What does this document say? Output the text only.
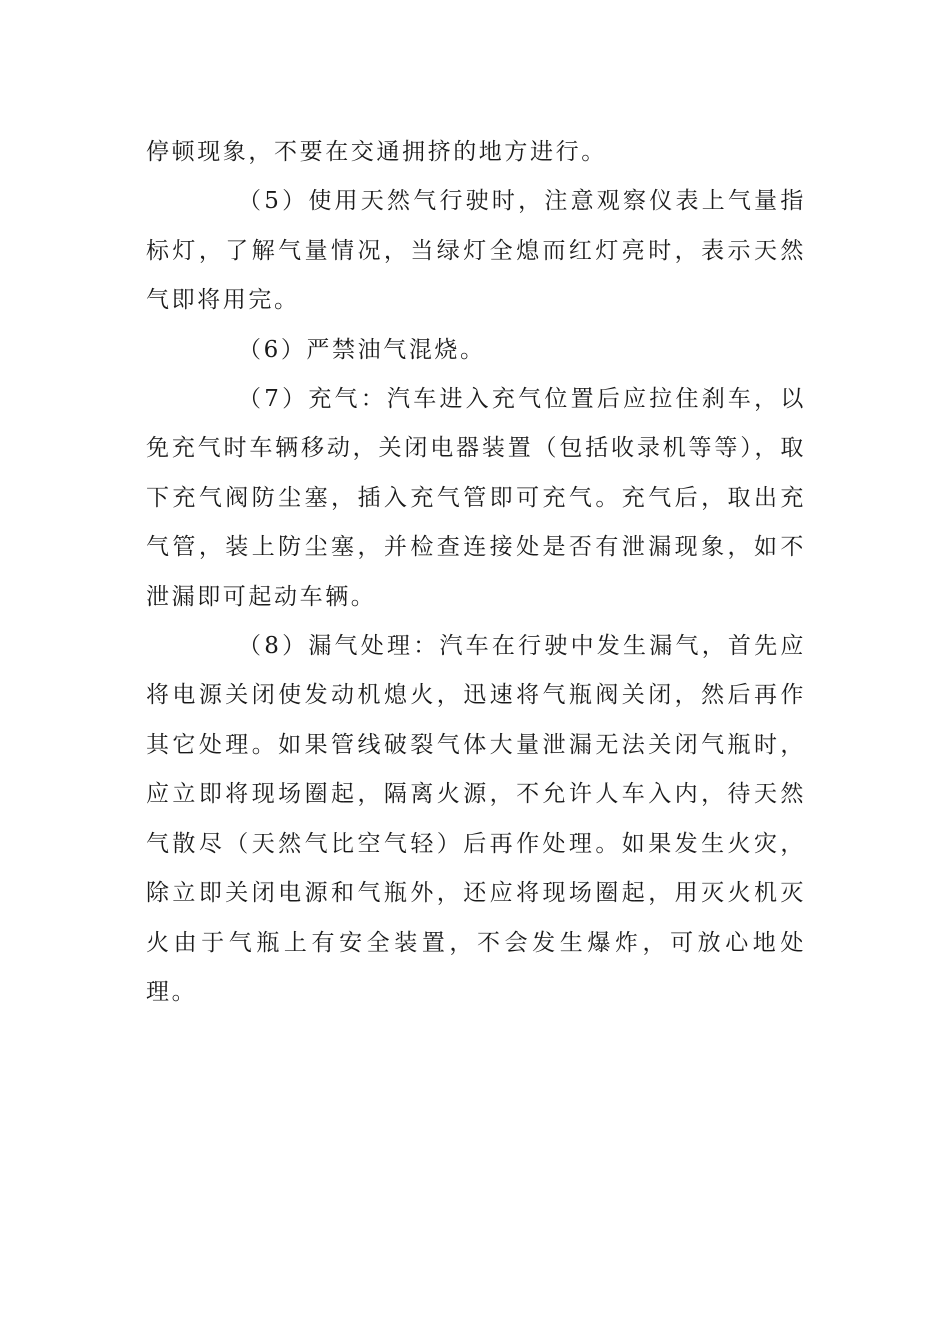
停顿现象，不要在交通拥挤的地方进行。

（5）使用天然气行驶时，注意观察仪表上气量指标灯，了解气量情况，当绿灯全熄而红灯亮时，表示天然气即将用完。

（6）严禁油气混烧。

（7）充气：汽车进入充气位置后应拉住刹车，以免充气时车辆移动，关闭电器装置（包括收录机等等），取下充气阀防尘塞，插入充气管即可充气。充气后，取出充气管，装上防尘塞，并检查连接处是否有泄漏现象，如不泄漏即可起动车辆。

（8）漏气处理：汽车在行驶中发生漏气，首先应将电源关闭使发动机熄火，迅速将气瓶阀关闭，然后再作其它处理。如果管线破裂气体大量泄漏无法关闭气瓶时，应立即将现场圈起，隔离火源，不允许人车入内，待天然气散尽（天然气比空气轻）后再作处理。如果发生火灾，除立即关闭电源和气瓶外，还应将现场圈起，用灭火机灭火由于气瓶上有安全装置，不会发生爆炸，可放心地处理。
